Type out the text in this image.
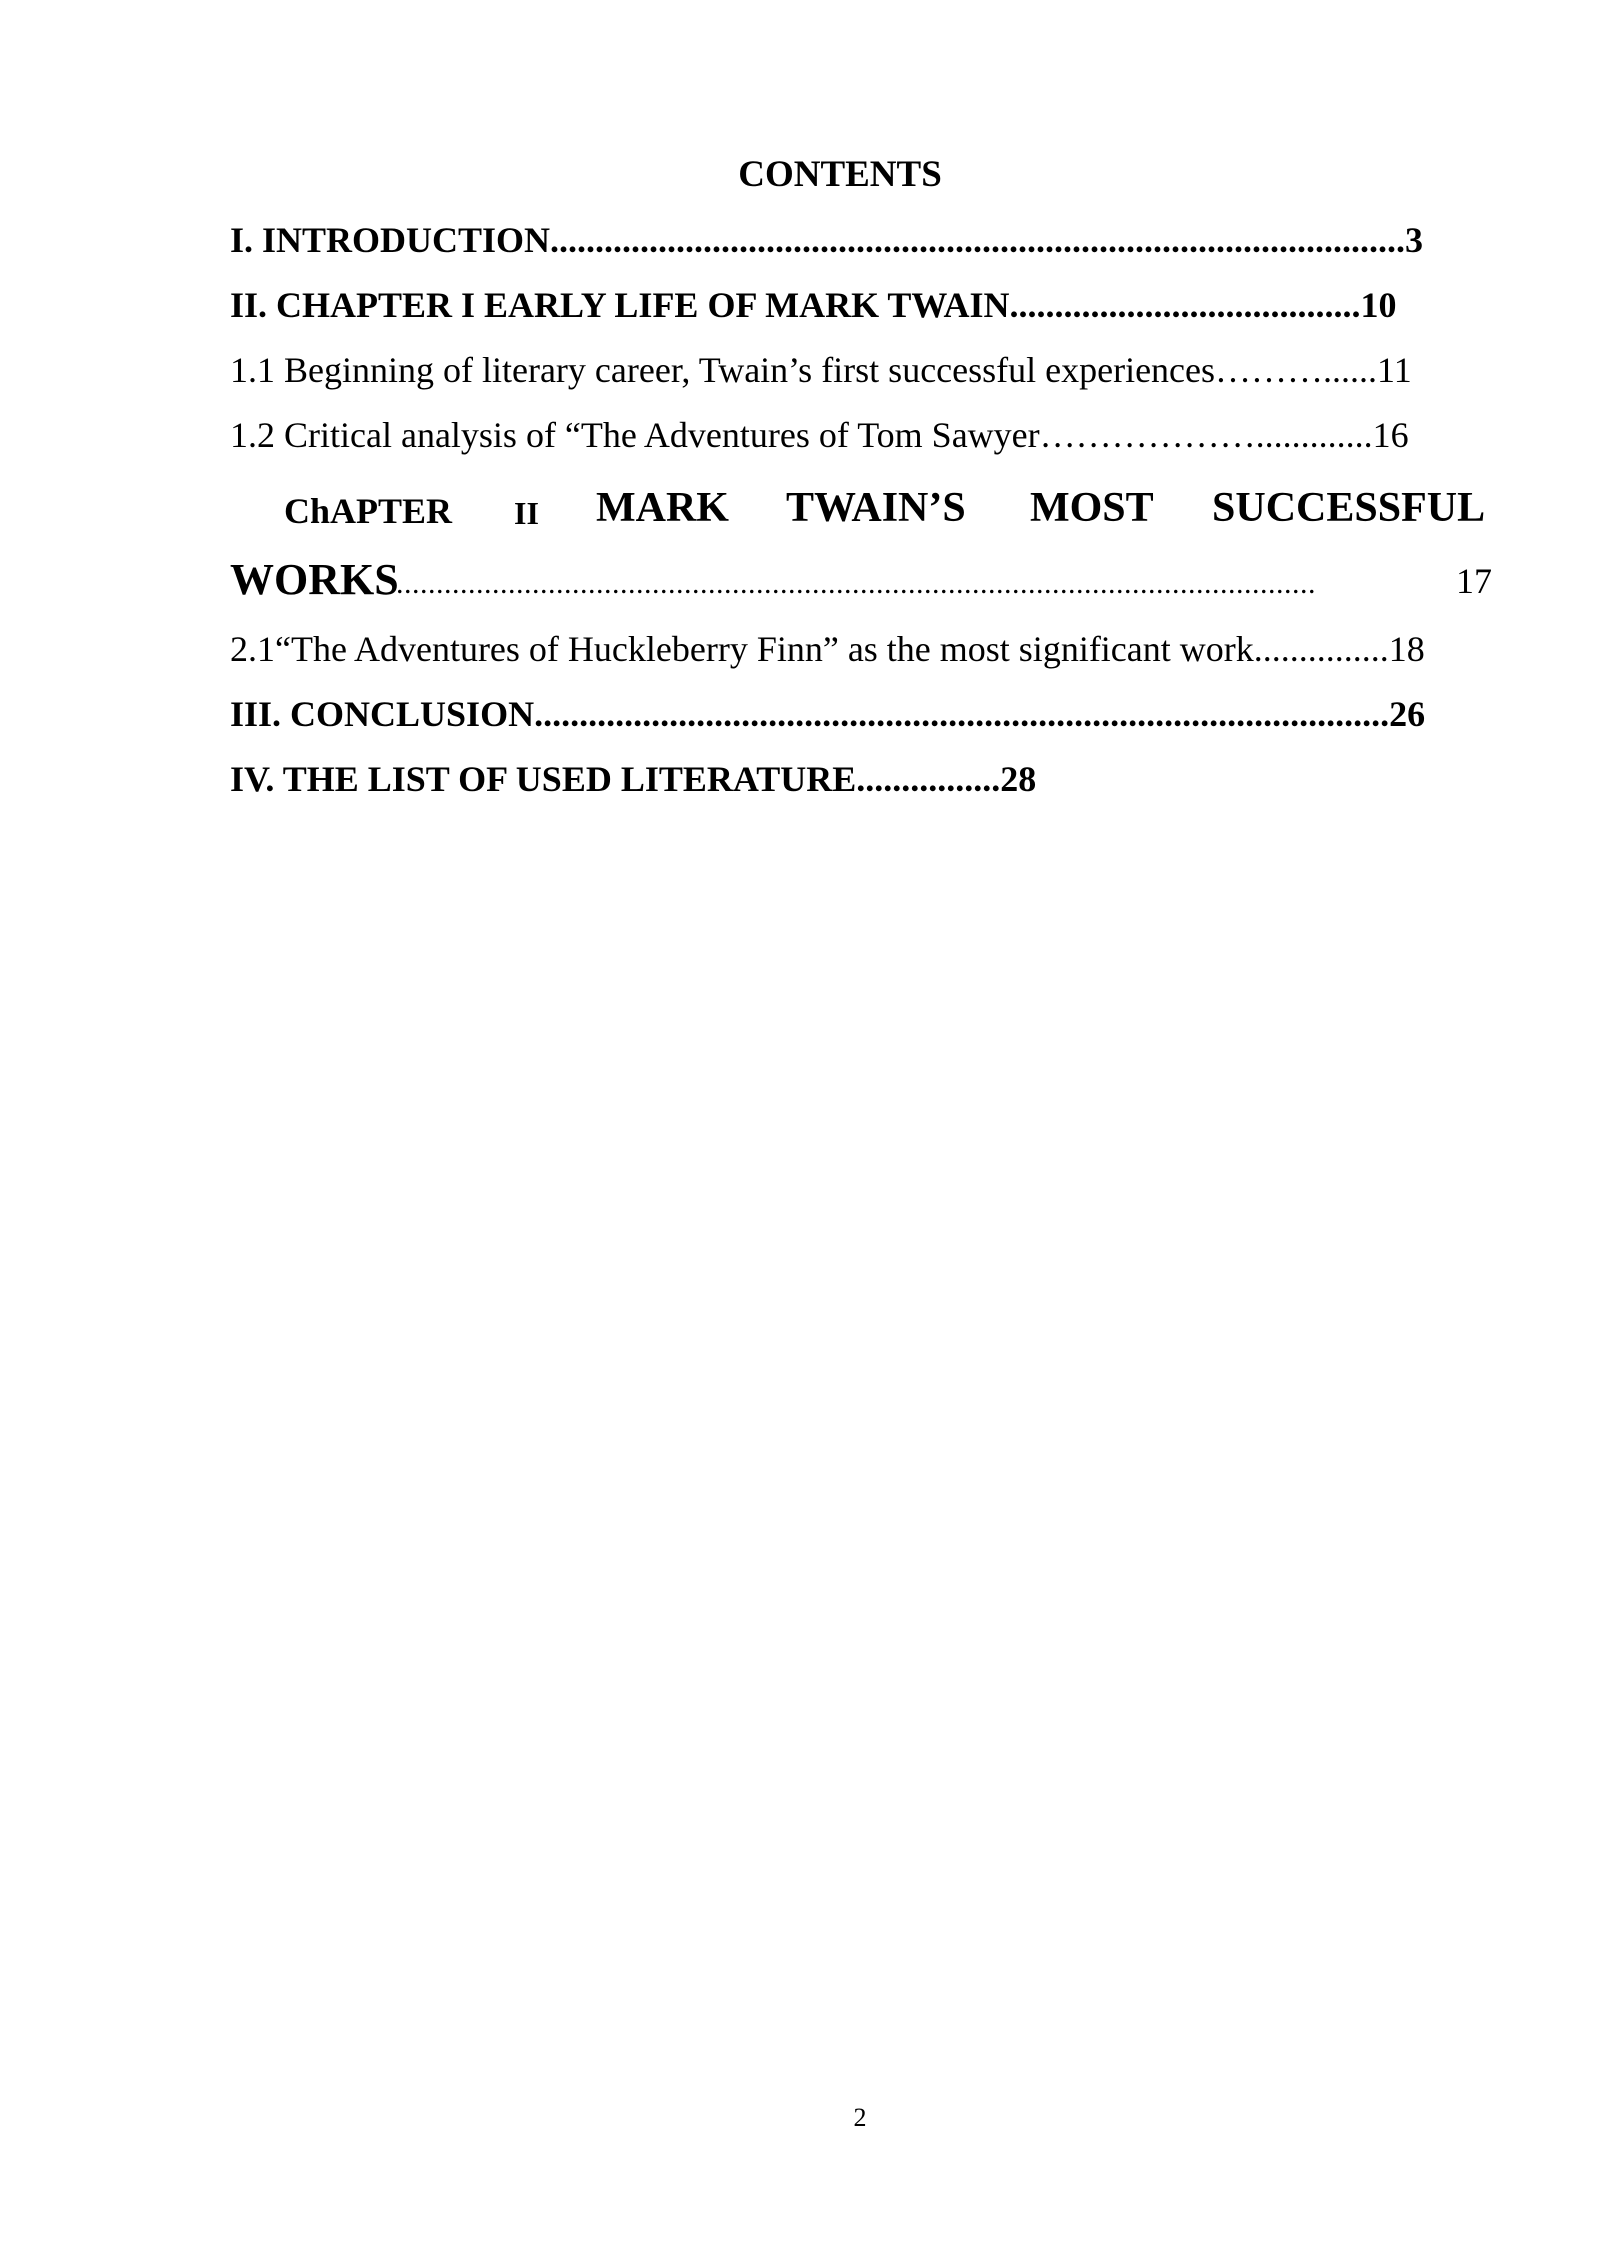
CONTENTS
I. INTRODUCTION...............................................................................................3
II. CHAPTER I EARLY LIFE OF MARK TWAIN.......................................10
1.1 Beginning of literary career, Twain’s first successful experiences………......11
1.2 Critical analysis of “The Adventures of Tom Sawyer……………….............16
ChAPTER II MARK TWAIN’S MOST SUCCESSFUL
WORKS
...................................................................................................................	17
2.1“The Adventures of Huckleberry Finn” as the most significant work...............18
III. CONCLUSION...............................................................................................26
IV. THE LIST OF USED LITERATURE................28
2
